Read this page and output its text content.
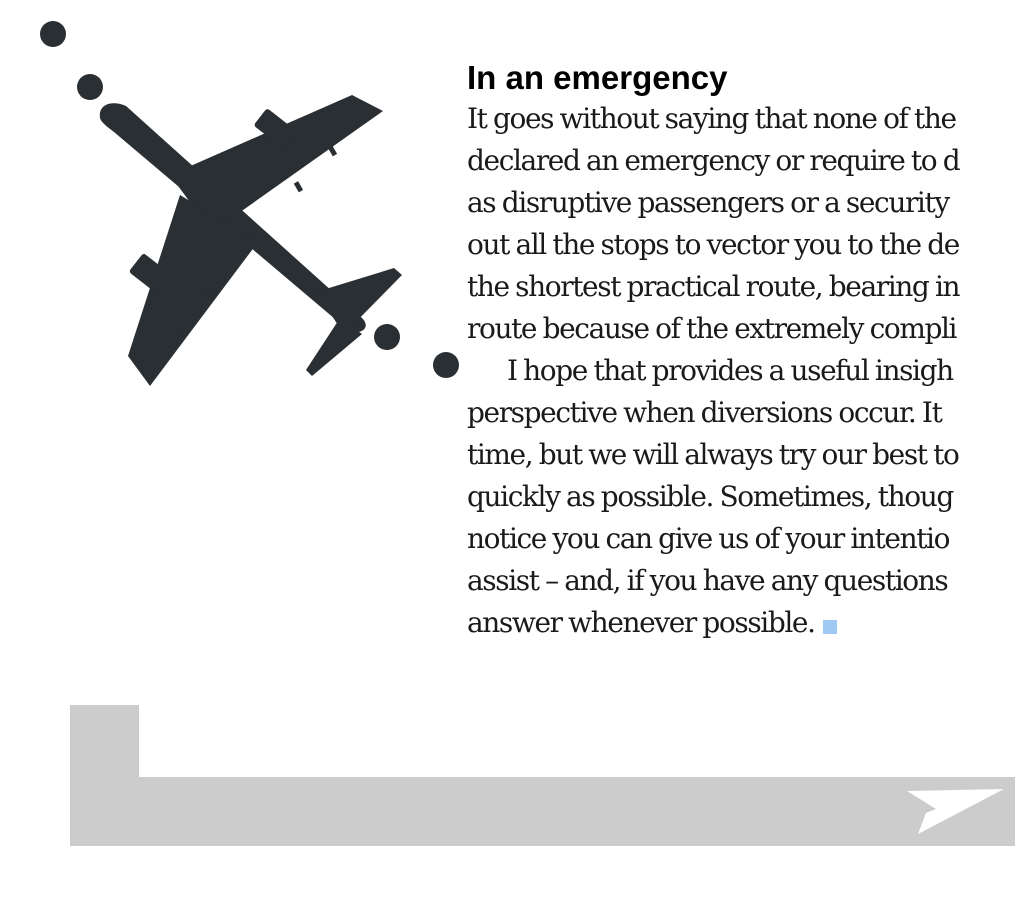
In an emergency
It goes without saying that none of the
declared an emergency or require to d
as disruptive passengers or a security
out all the stops to vector you to the de
the shortest practical route, bearing in
route because of the extremely compli
I hope that provides a useful insigh
perspective when diversions occur. It
time, but we will always try our best to
quickly as possible. Sometimes, thoug
notice you can give us of your intentio
assist – and, if you have any questions
answer whenever possible.
